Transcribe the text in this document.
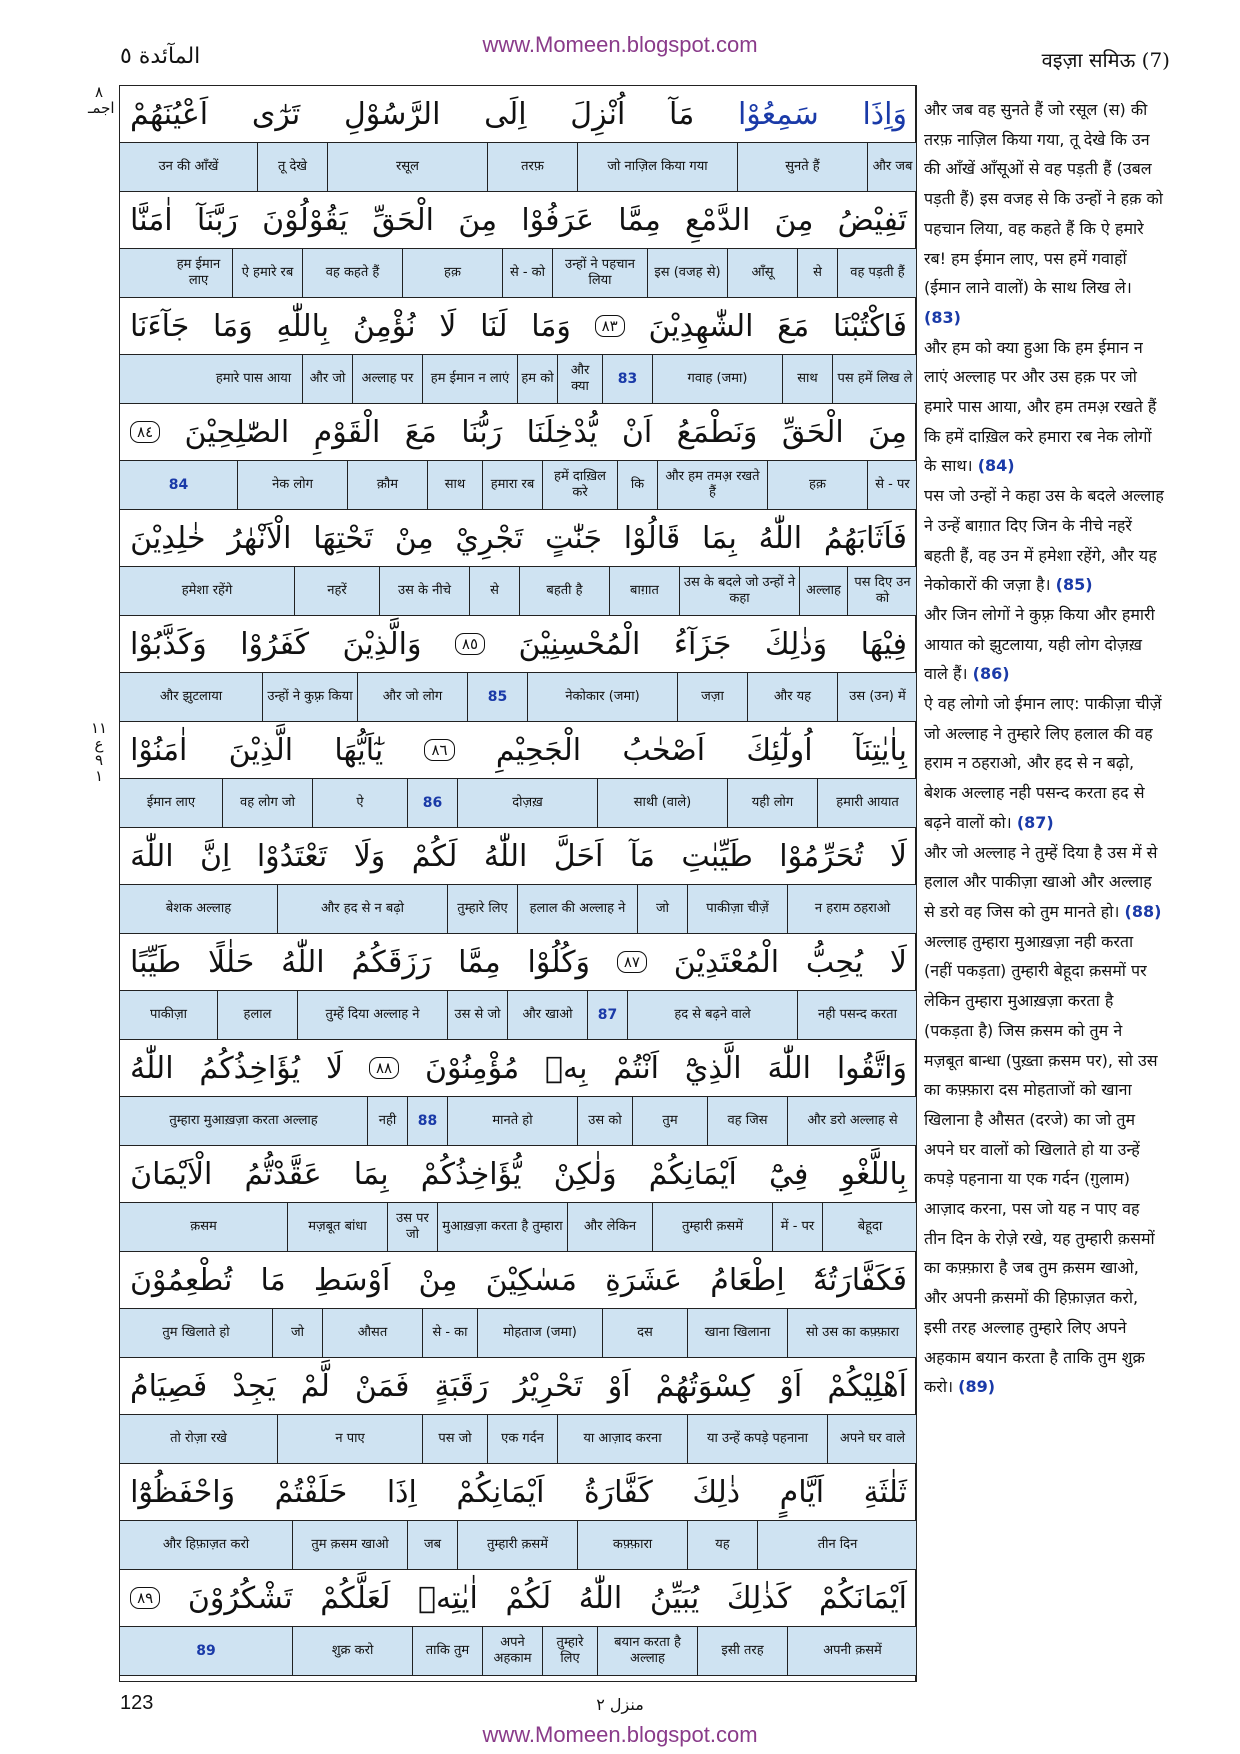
www.Momeen.blogspot.com
المآئدة ٥	वइज़ा समिऊ (7)
٨
اجمـ
١١
ع
٩
١
وَاِذَا
سَمِعُوْا
مَآ
اُنْزِلَ
اِلَى
الرَّسُوْلِ
تَرٰٓى
اَعْيُنَهُمْ
और जब
सुनते हैं
जो नाज़िल किया गया
तरफ़
रसूल
तू देखे
उन की आँखें
تَفِيْضُ
مِنَ
الدَّمْعِ
مِمَّا
عَرَفُوْا
مِنَ
الْحَقِّ
يَقُوْلُوْنَ
رَبَّنَآ
اٰمَنَّا
वह पड़ती हैं
से
आँसू
इस (वजह से)
उन्हों ने पहचान लिया
से - को
हक़
वह कहते हैं
ऐ हमारे रब
हम ईमान लाए
فَاكْتُبْنَا
مَعَ
الشّٰهِدِيْنَ
٨٣
وَمَا
لَنَا
لَا
نُؤْمِنُ
بِاللّٰهِ
وَمَا
جَآءَنَا
पस हमें लिख ले
साथ
गवाह (जमा)
83
और क्या
हम को
हम ईमान न लाएं
अल्लाह पर
और जो
हमारे पास आया
مِنَ
الْحَقِّ
وَنَطْمَعُ
اَنْ
يُّدْخِلَنَا
رَبُّنَا
مَعَ
الْقَوْمِ
الصّٰلِحِيْنَ
٨٤
से - पर
हक़
और हम तमअ़ रखते हैं
कि
हमें दाख़िल करे
हमारा रब
साथ
क़ौम
नेक लोग
84
فَاَثَابَهُمُ
اللّٰهُ
بِمَا
قَالُوْا
جَنّٰتٍ
تَجْرِيْ
مِنْ
تَحْتِهَا
الْاَنْهٰرُ
خٰلِدِيْنَ
पस दिए उन को
अल्लाह
उस के बदले जो उन्हों ने कहा
बाग़ात
बहती है
से
उस के नीचे
नहरें
हमेशा रहेंगे
فِيْهَا
وَذٰلِكَ
جَزَآءُ
الْمُحْسِنِيْنَ
٨٥
وَالَّذِيْنَ
كَفَرُوْا
وَكَذَّبُوْا
उस (उन) में
और यह
जज़ा
नेकोकार (जमा)
85
और जो लोग
उन्हों ने कुफ़्र किया
और झुटलाया
بِاٰيٰتِنَآ
اُولٰٓئِكَ
اَصْحٰبُ
الْجَحِيْمِ
٨٦
يٰٓاَيُّهَا
الَّذِيْنَ
اٰمَنُوْا
हमारी आयात
यही लोग
साथी (वाले)
दोज़ख़
86
ऐ
वह लोग जो
ईमान लाए
لَا
تُحَرِّمُوْا
طَيِّبٰتِ
مَآ
اَحَلَّ
اللّٰهُ
لَكُمْ
وَلَا
تَعْتَدُوْا
اِنَّ
اللّٰهَ
न हराम ठहराओ
पाकीज़ा चीज़ें
जो
हलाल की अल्लाह ने
तुम्हारे लिए
और हद से न बढ़ो
बेशक अल्लाह
لَا
يُحِبُّ
الْمُعْتَدِيْنَ
٨٧
وَكُلُوْا
مِمَّا
رَزَقَكُمُ
اللّٰهُ
حَلٰلًا
طَيِّبًا
नही पसन्द करता
हद से बढ़ने वाले
87
और खाओ
उस से जो
तुम्हें दिया अल्लाह ने
हलाल
पाकीज़ा
وَاتَّقُوا
اللّٰهَ
الَّذِيْٓ
اَنْتُمْ
بِهٖ
مُؤْمِنُوْنَ
٨٨
لَا
يُؤَاخِذُكُمُ
اللّٰهُ
और डरो अल्लाह से
वह जिस
तुम
उस को
मानते हो
88
नही
तुम्हारा मुआख़ज़ा करता अल्लाह
بِاللَّغْوِ
فِيْٓ
اَيْمَانِكُمْ
وَلٰكِنْ
يُّؤَاخِذُكُمْ
بِمَا
عَقَّدْتُّمُ
الْاَيْمَانَ
बेहूदा
में - पर
तुम्हारी क़समें
और लेकिन
मुआख़ज़ा करता है तुम्हारा
उस पर जो
मज़बूत बांधा
क़सम
فَكَفَّارَتُهٗٓ
اِطْعَامُ
عَشَرَةِ
مَسٰكِيْنَ
مِنْ
اَوْسَطِ
مَا
تُطْعِمُوْنَ
सो उस का कफ़्फ़ारा
खाना खिलाना
दस
मोहताज (जमा)
से - का
औसत
जो
तुम खिलाते हो
اَهْلِيْكُمْ
اَوْ
كِسْوَتُهُمْ
اَوْ
تَحْرِيْرُ
رَقَبَةٍ
فَمَنْ
لَّمْ
يَجِدْ
فَصِيَامُ
अपने घर वाले
या उन्हें कपड़े पहनाना
या आज़ाद करना
एक गर्दन
पस जो
न पाए
तो रोज़ा रखे
ثَلٰثَةِ
اَيَّامٍ
ذٰلِكَ
كَفَّارَةُ
اَيْمَانِكُمْ
اِذَا
حَلَفْتُمْ
وَاحْفَظُوْٓا
तीन दिन
यह
कफ़्फ़ारा
तुम्हारी क़समें
जब
तुम क़सम खाओ
और हिफ़ाज़त करो
اَيْمَانَكُمْ
كَذٰلِكَ
يُبَيِّنُ
اللّٰهُ
لَكُمْ
اٰيٰتِهٖ
لَعَلَّكُمْ
تَشْكُرُوْنَ
٨٩
अपनी क़समें
इसी तरह
बयान करता है अल्लाह
तुम्हारे लिए
अपने अहकाम
ताकि तुम
शुक्र करो
89
और जब वह सुनते हैं जो रसूल (स) की तरफ़ नाज़िल किया गया, तू देखे कि उन की आँखें आँसूओं से वह पड़ती हैं (उबल पड़ती हैं) इस वजह से कि उन्हों ने हक़ को पहचान लिया, वह कहते हैं कि ऐ हमारे रब! हम ईमान लाए, पस हमें गवाहों (ईमान लाने वालों) के साथ लिख ले। (83)
और हम को क्या हुआ कि हम ईमान न लाएं अल्लाह पर और उस हक़ पर जो हमारे पास आया, और हम तमअ़ रखते हैं कि हमें दाख़िल करे हमारा रब नेक लोगों के साथ। (84)
पस जो उन्हों ने कहा उस के बदले अल्लाह ने उन्हें बाग़ात दिए जिन के नीचे नहरें बहती हैं, वह उन में हमेशा रहेंगे, और यह नेकोकारों की जज़ा है। (85)
और जिन लोगों ने कुफ़्र किया और हमारी आयात को झुटलाया, यही लोग दोज़ख़ वाले हैं। (86)
ऐ वह लोगो जो ईमान लाए: पाकीज़ा चीज़ें जो अल्लाह ने तुम्हारे लिए हलाल की वह हराम न ठहराओ, और हद से न बढ़ो, बेशक अल्लाह नही पसन्द करता हद से बढ़ने वालों को। (87)
और जो अल्लाह ने तुम्हें दिया है उस में से हलाल और पाकीज़ा खाओ और अल्लाह से डरो वह जिस को तुम मानते हो। (88)
अल्लाह तुम्हारा मुआख़ज़ा नही करता (नहीं पकड़ता) तुम्हारी बेहूदा क़समों पर लेकिन तुम्हारा मुआख़ज़ा करता है (पकड़ता है) जिस क़सम को तुम ने मज़बूत बान्धा (पुख़्ता क़सम पर), सो उस का कफ़्फ़ारा दस मोहताजों को खाना खिलाना है औसत (दरजे) का जो तुम अपने घर वालों को खिलाते हो या उन्हें कपड़े पहनाना या एक गर्दन (ग़ुलाम) आज़ाद करना, पस जो यह न पाए वह तीन दिन के रोज़े रखे, यह तुम्हारी क़समों का कफ़्फ़ारा है जब तुम क़सम खाओ, और अपनी क़समों की हिफ़ाज़त करो, इसी तरह अल्लाह तुम्हारे लिए अपने अहकाम बयान करता है ताकि तुम शुक्र करो। (89)
123	منزل ٢
www.Momeen.blogspot.com
